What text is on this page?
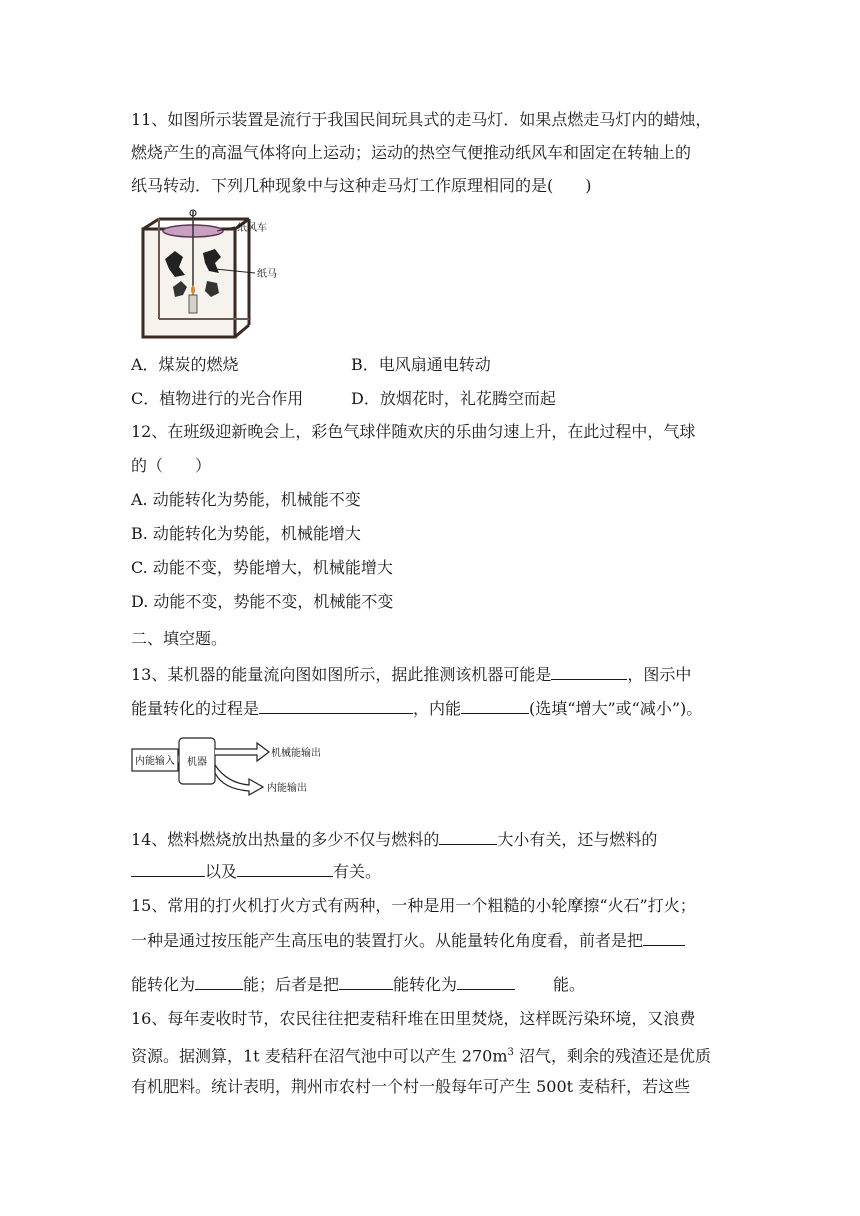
11、如图所示装置是流行于我国民间玩具式的走马灯．如果点燃走马灯内的蜡烛，
燃烧产生的高温气体将向上运动；运动的热空气便推动纸风车和固定在转轴上的
纸马转动．下列几种现象中与这种走马灯工作原理相同的是(　　)
纸风车
纸马
A．煤炭的燃烧	B．电风扇通电转动
C．植物进行的光合作用	D．放烟花时，礼花腾空而起
12、在班级迎新晚会上，彩色气球伴随欢庆的乐曲匀速上升，在此过程中，气球
的（　　）
A. 动能转化为势能，机械能不变
B. 动能转化为势能，机械能增大
C. 动能不变，势能增大，机械能增大
D. 动能不变，势能不变，机械能不变
二、填空题。
13、某机器的能量流向图如图所示，据此推测该机器可能是	，图示中
能量转化的过程是	，内能	(选填“增大”或“减小”)。
内能输入 机器
机械能输出
内能输出
14、燃料燃烧放出热量的多少不仅与燃料的	大小有关，还与燃料的
以及	有关。
15、常用的打火机打火方式有两种，一种是用一个粗糙的小轮摩擦“火石”打火；
一种是通过按压能产生高压电的装置打火。从能量转化角度看，前者是把
能转化为	能；后者是把	能转化为	能。
16、每年麦收时节，农民往往把麦秸秆堆在田里焚烧，这样既污染环境，又浪费
资源。据测算，1t 麦秸秆在沼气池中可以产生 $270m^3$ 沼气，剩余的残渣还是优质
有机肥料。统计表明，荆州市农村一个村一般每年可产生 500t 麦秸秆，若这些
